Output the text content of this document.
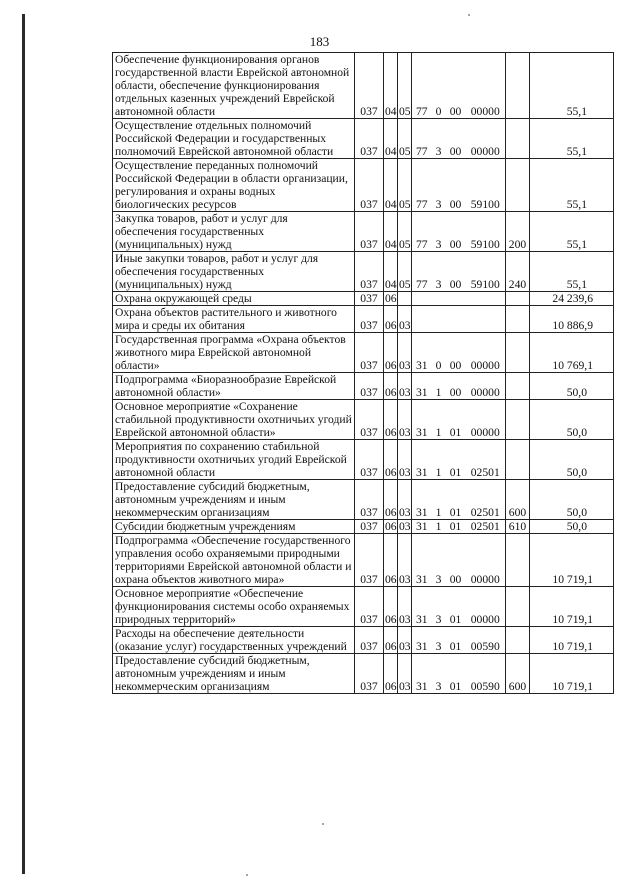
183
Обеспечение функционирования органов государственной власти Еврейской автономной области, обеспечение функционирования отдельных казенных учреждений Еврейской автономной области	037	04	05	77	0	00	00000		55,1
Осуществление отдельных полномочий Российской Федерации и государственных полномочий Еврейской автономной области	037	04	05	77	3	00	00000		55,1
Осуществление переданных полномочий Российской Федерации в области организации, регулирования и охраны водных биологических ресурсов	037	04	05	77	3	00	59100		55,1
Закупка товаров, работ и услуг для обеспечения государственных (муниципальных) нужд	037	04	05	77	3	00	59100	200	55,1
Иные закупки товаров, работ и услуг для обеспечения государственных (муниципальных) нужд	037	04	05	77	3	00	59100	240	55,1
Охрана окружающей среды	037	06							24 239,6
Охрана объектов растительного и животного мира и среды их обитания	037	06	03						10 886,9
Государственная программа «Охрана объектов животного мира Еврейской автономной области»	037	06	03	31	0	00	00000		10 769,1
Подпрограмма «Биоразнообразие Еврейской автономной области»	037	06	03	31	1	00	00000		50,0
Основное мероприятие «Сохранение стабильной продуктивности охотничьих угодий Еврейской автономной области»	037	06	03	31	1	01	00000		50,0
Мероприятия по сохранению стабильной продуктивности охотничьих угодий Еврейской автономной области	037	06	03	31	1	01	02501		50,0
Предоставление субсидий бюджетным, автономным учреждениям и иным некоммерческим организациям	037	06	03	31	1	01	02501	600	50,0
Субсидии бюджетным учреждениям	037	06	03	31	1	01	02501	610	50,0
Подпрограмма «Обеспечение государственного управления особо охраняемыми природными территориями Еврейской автономной области и охрана объектов животного мира»	037	06	03	31	3	00	00000		10 719,1
Основное мероприятие «Обеспечение функционирования системы особо охраняемых природных территорий»	037	06	03	31	3	01	00000		10 719,1
Расходы на обеспечение деятельности (оказание услуг) государственных учреждений	037	06	03	31	3	01	00590		10 719,1
Предоставление субсидий бюджетным, автономным учреждениям и иным некоммерческим организациям	037	06	03	31	3	01	00590	600	10 719,1
